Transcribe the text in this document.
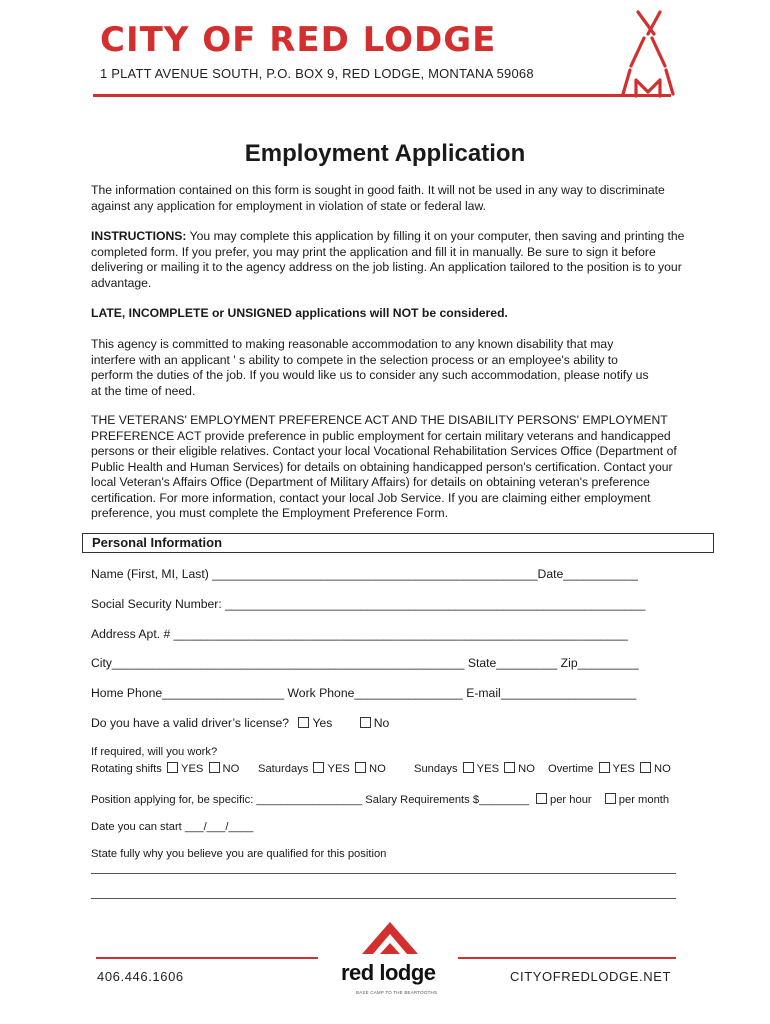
CITY OF RED LODGE
1 PLATT AVENUE SOUTH, P.O. BOX 9, RED LODGE, MONTANA 59068
Employment Application
The information contained on this form is sought in good faith. It will not be used in any way to discriminate against any application for employment in violation of state or federal law.
INSTRUCTIONS: You may complete this application by filling it on your computer, then saving and printing the completed form. If you prefer, you may print the application and fill it in manually. Be sure to sign it before delivering or mailing it to the agency address on the job listing. An application tailored to the position is to your advantage.
LATE, INCOMPLETE or UNSIGNED applications will NOT be considered.
This agency is committed to making reasonable accommodation to any known disability that may interfere with an applicant ' s ability to compete in the selection process or an employee's ability to perform the duties of the job. If you would like us to consider any such accommodation, please notify us at the time of need.
THE VETERANS' EMPLOYMENT PREFERENCE ACT AND THE DISABILITY PERSONS' EMPLOYMENT PREFERENCE ACT provide preference in public employment for certain military veterans and handicapped persons or their eligible relatives. Contact your local Vocational Rehabilitation Services Office (Department of Public Health and Human Services) for details on obtaining handicapped person's certification. Contact your local Veteran's Affairs Office (Department of Military Affairs) for details on obtaining veteran's preference certification. For more information, contact your local Job Service. If you are claiming either employment preference, you must complete the Employment Preference Form.
Personal Information
Name (First, MI, Last) ________________________________________________Date___________
Social Security Number: ______________________________________________________________
Address Apt. # ___________________________________________________________________
City____________________________________________________ State_________ Zip_________
Home Phone__________________ Work Phone________________ E-mail____________________
Do you have a valid driver’s license? Yes	No
If required, will you work?
Rotating shifts YES NO Saturdays YES NO	Sundays YES NO Overtime YES NO
Position applying for, be specific: _________________ Salary Requirements $________ per hour per month
Date you can start ___/___/____
State fully why you believe you are qualified for this position
406.446.1606	red lodge
BASE CAMP TO THE BEARTOOTHS
CITYOFREDLODGE.NET
